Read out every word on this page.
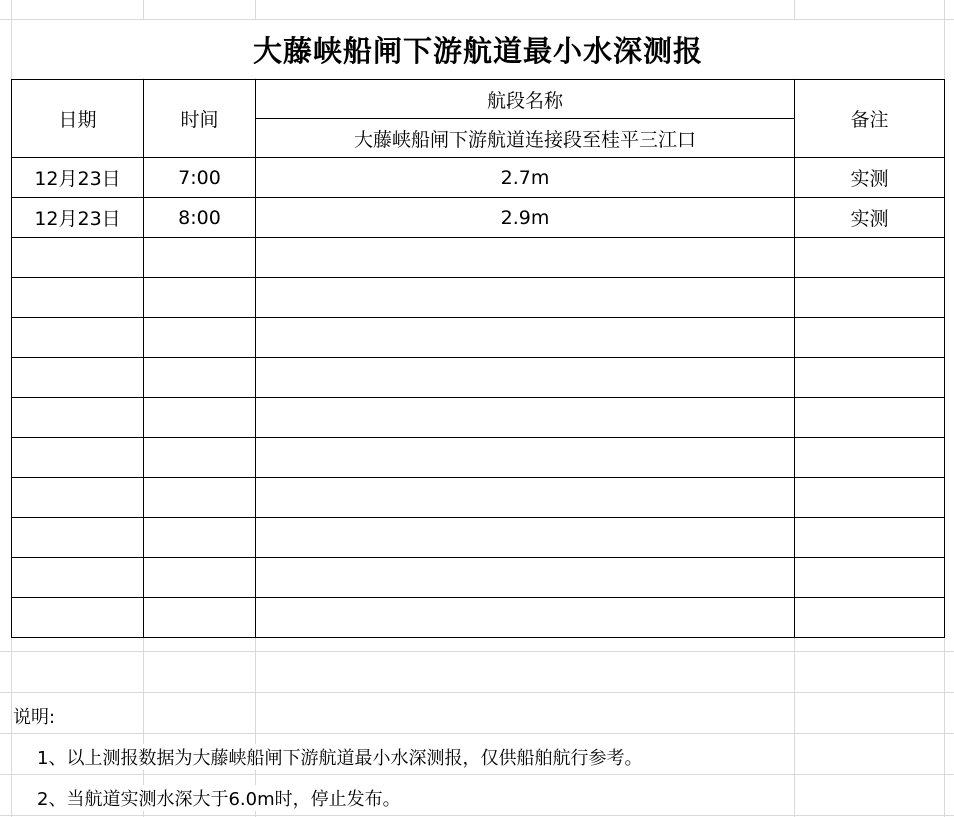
大藤峡船闸下游航道最小水深测报
日期	时间	航段名称	备注
		大藤峡船闸下游航道连接段至桂平三江口	
12月23日	7:00	2.7m	实测
12月23日	8:00	2.9m	实测

说明:
1、以上测报数据为大藤峡船闸下游航道最小水深测报，仅供船舶航行参考。
2、当航道实测水深大于6.0m时，停止发布。
